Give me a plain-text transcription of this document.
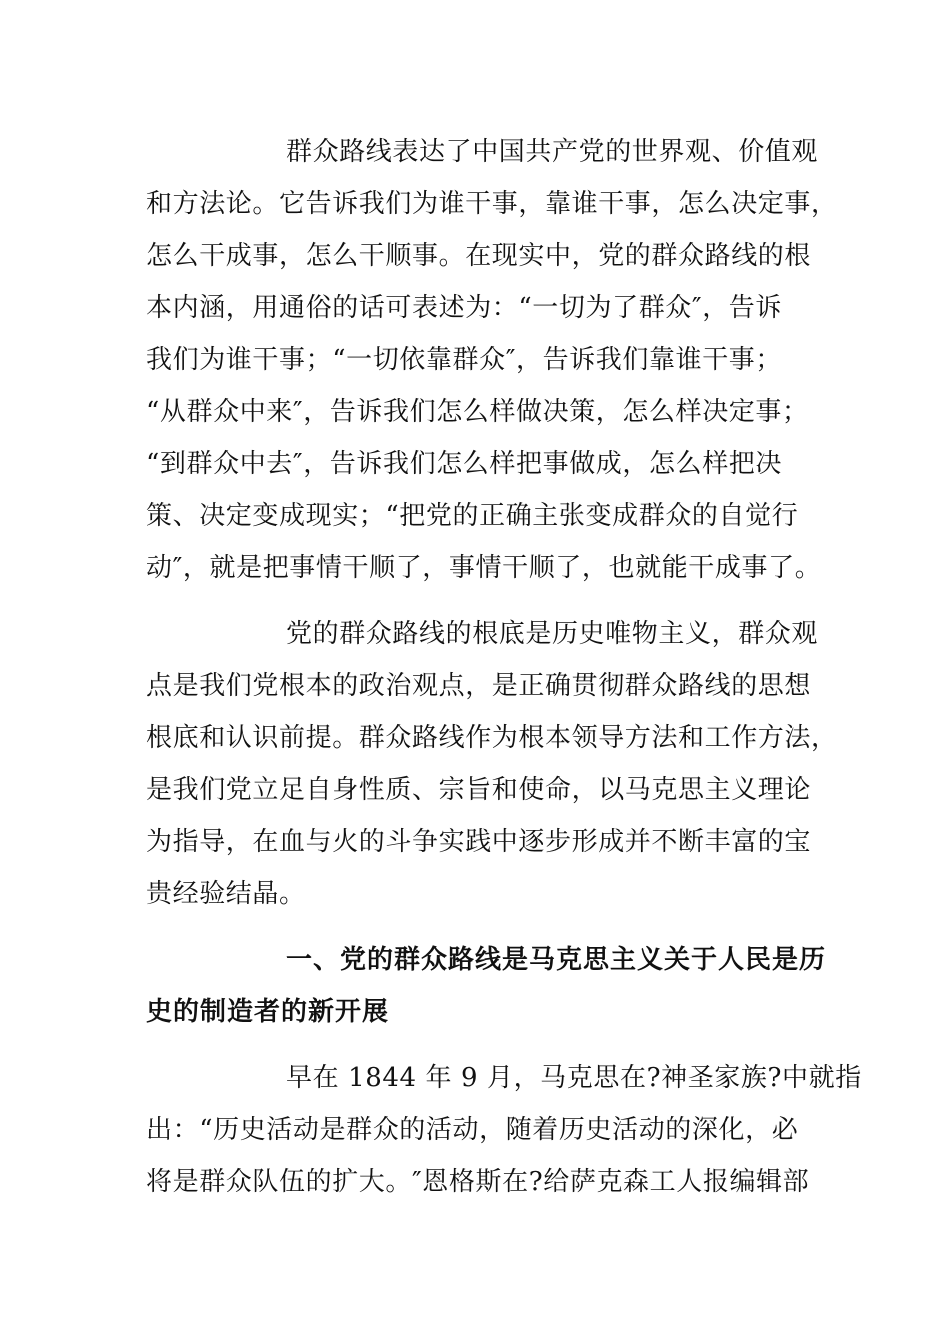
群众路线表达了中国共产党的世界观、价值观
和方法论。它告诉我们为谁干事，靠谁干事，怎么决定事，
怎么干成事，怎么干顺事。在现实中，党的群众路线的根
本内涵，用通俗的话可表述为：“一切为了群众″，告诉
我们为谁干事；“一切依靠群众″，告诉我们靠谁干事；
“从群众中来″，告诉我们怎么样做决策，怎么样决定事；
“到群众中去″，告诉我们怎么样把事做成，怎么样把决
策、决定变成现实；“把党的正确主张变成群众的自觉行
动″，就是把事情干顺了，事情干顺了，也就能干成事了。
党的群众路线的根底是历史唯物主义，群众观
点是我们党根本的政治观点，是正确贯彻群众路线的思想
根底和认识前提。群众路线作为根本领导方法和工作方法，
是我们党立足自身性质、宗旨和使命，以马克思主义理论
为指导，在血与火的斗争实践中逐步形成并不断丰富的宝
贵经验结晶。
一、党的群众路线是马克思主义关于人民是历
史的制造者的新开展
早在 1844 年 9 月，马克思在?神圣家族?中就指
出：“历史活动是群众的活动，随着历史活动的深化，必
将是群众队伍的扩大。″恩格斯在?给萨克森工人报编辑部
